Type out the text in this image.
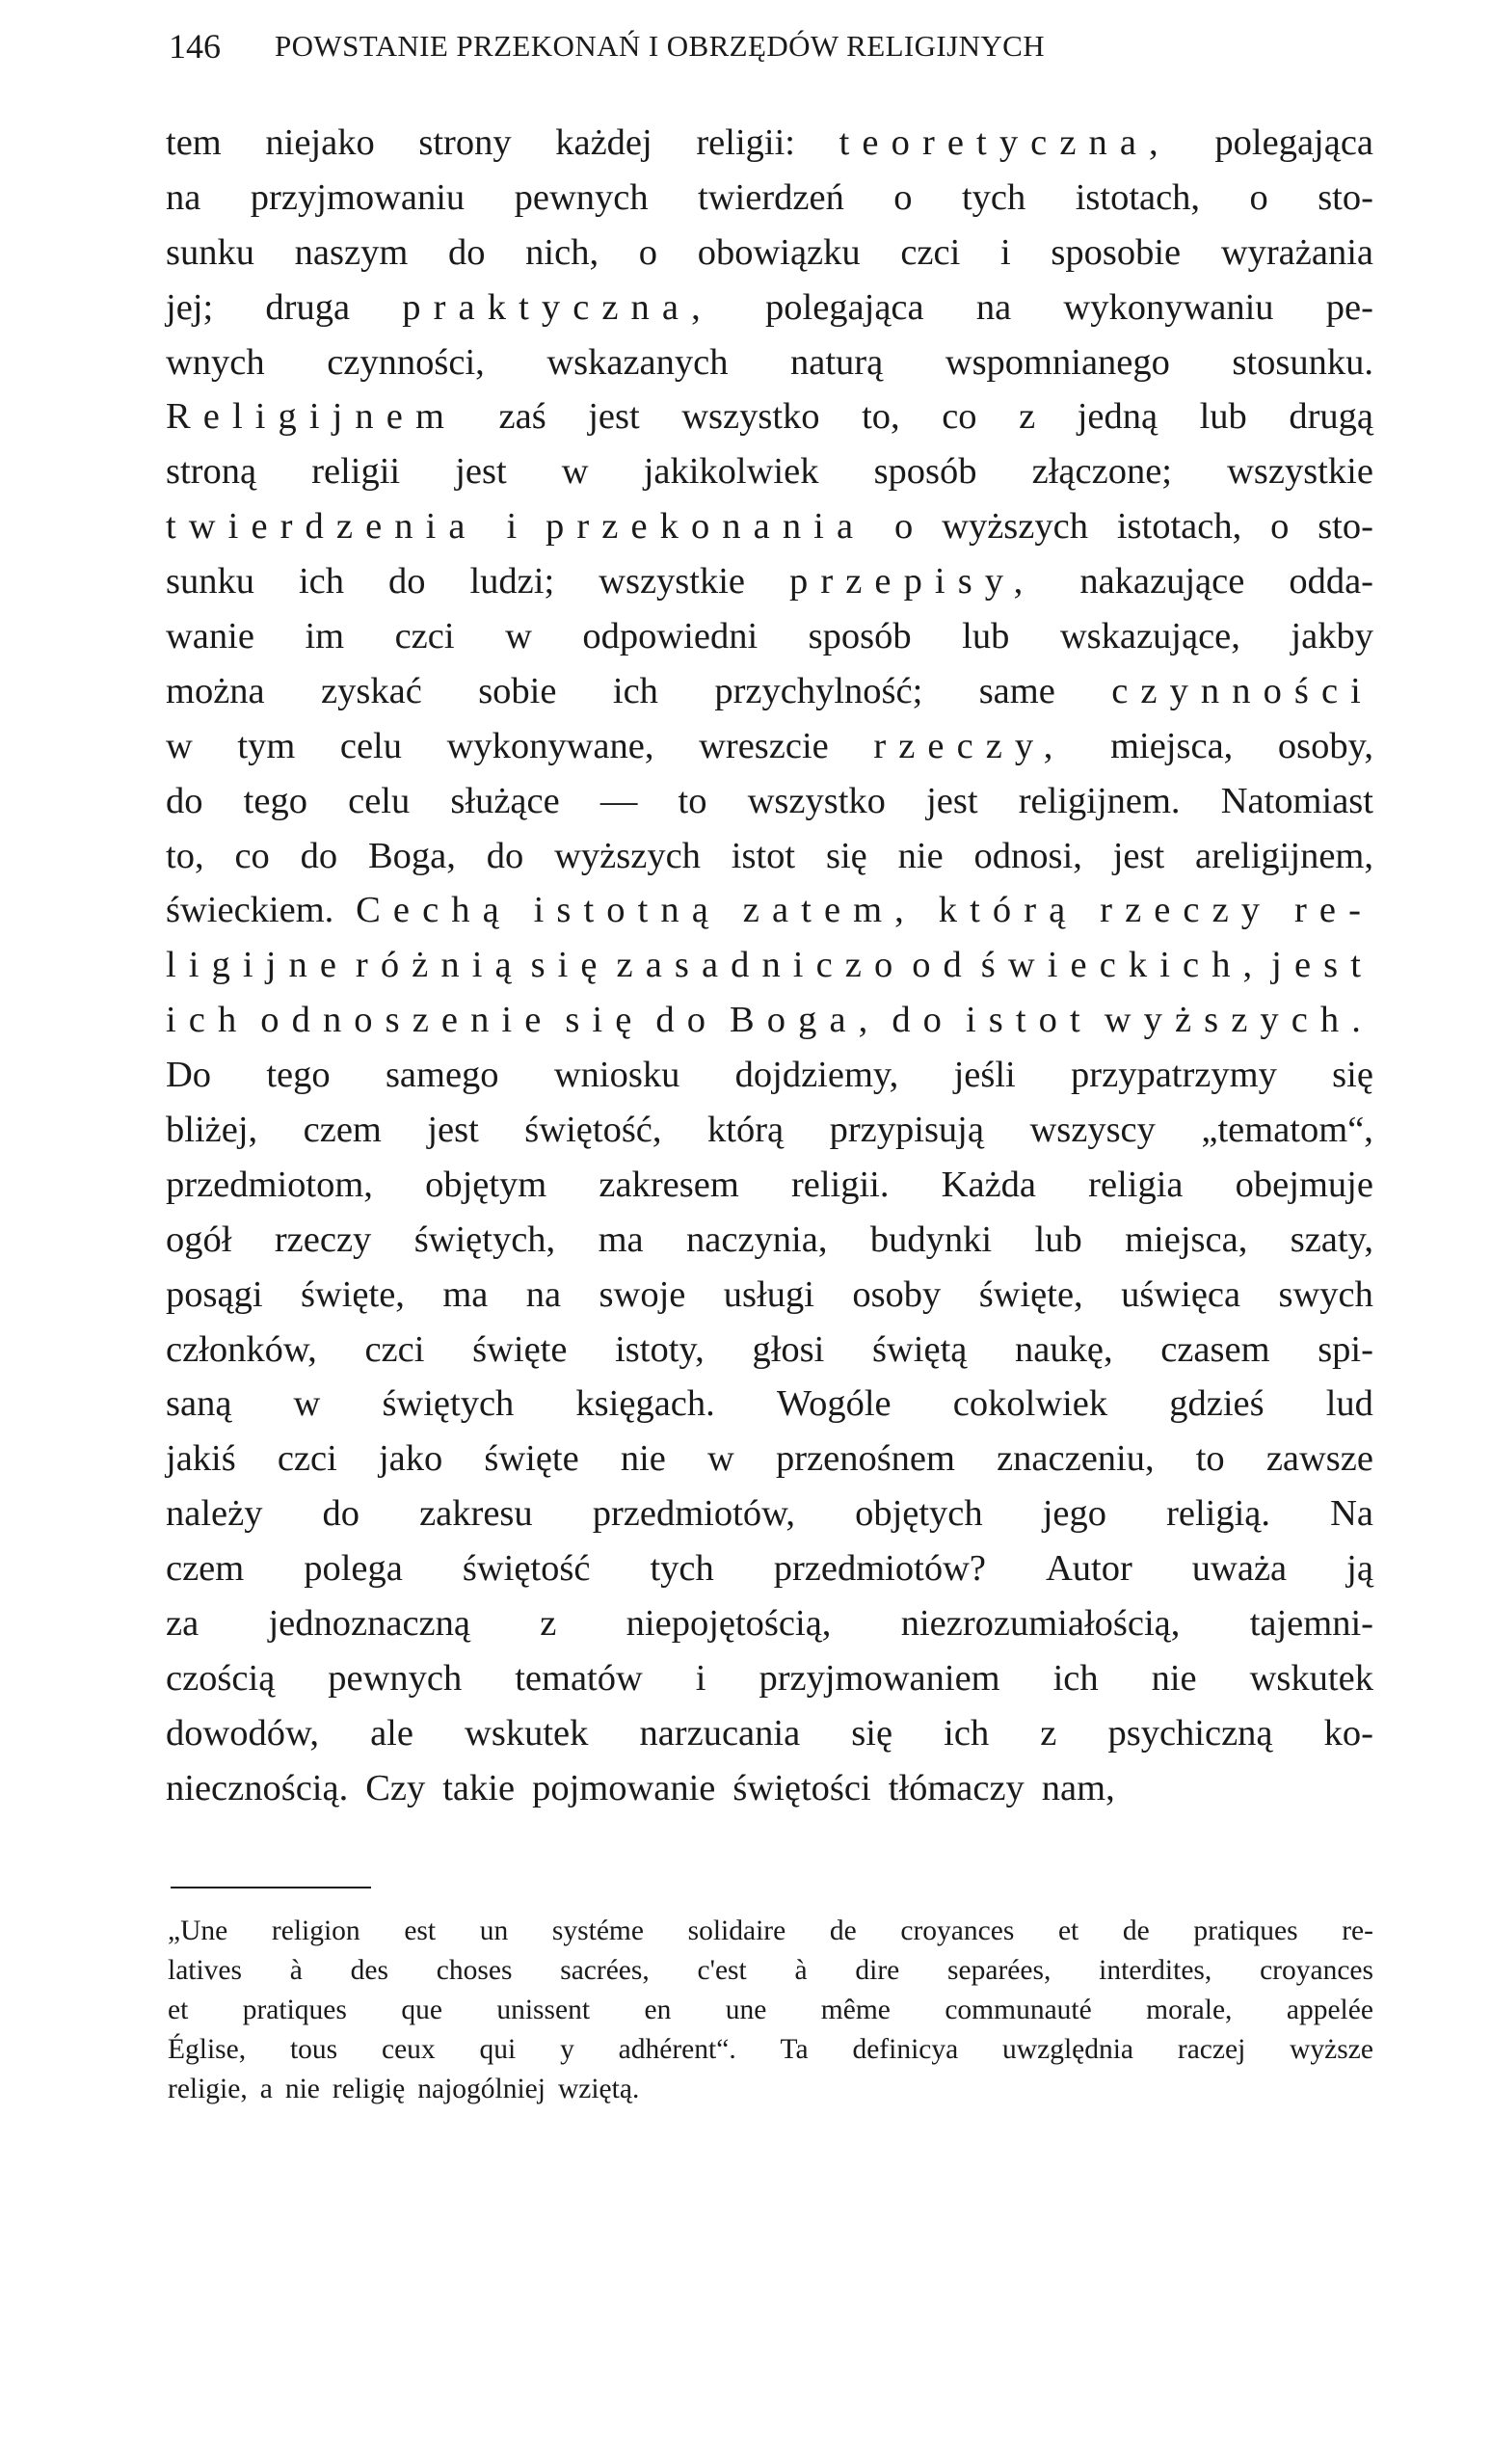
146 POWSTANIE PRZEKONAŃ I OBRZĘDÓW RELIGIJNYCH
tem niejako strony każdej religii: teoretyczna, polegająca
na przyjmowaniu pewnych twierdzeń o tych istotach, o sto-
sunku naszym do nich, o obowiązku czci i sposobie wyrażania
jej; druga praktyczna, polegająca na wykonywaniu pe-
wnych czynności, wskazanych naturą wspomnianego stosunku.
Religijnem zaś jest wszystko to, co z jedną lub drugą
stroną religii jest w jakikolwiek sposób złączone; wszystkie
twierdzenia i przekonania o wyższych istotach, o sto-
sunku ich do ludzi; wszystkie przepisy, nakazujące odda-
wanie im czci w odpowiedni sposób lub wskazujące, jakby
można zyskać sobie ich przychylność; same czynności
w tym celu wykonywane, wreszcie rzeczy, miejsca, osoby,
do tego celu służące — to wszystko jest religijnem. Natomiast
to, co do Boga, do wyższych istot się nie odnosi, jest areligijnem,
świeckiem. Cechą istotną zatem, którą rzeczy re-
ligijne różnią się zasadniczo od świeckich, jest
ich odnoszenie się do Boga, do istot wyższych.
Do tego samego wniosku dojdziemy, jeśli przypatrzymy się
bliżej, czem jest świętość, którą przypisują wszyscy „tematom“,
przedmiotom, objętym zakresem religii. Każda religia obejmuje
ogół rzeczy świętych, ma naczynia, budynki lub miejsca, szaty,
posągi święte, ma na swoje usługi osoby święte, uświęca swych
członków, czci święte istoty, głosi świętą naukę, czasem spi-
saną w świętych księgach. Wogóle cokolwiek gdzieś lud
jakiś czci jako święte nie w przenośnem znaczeniu, to zawsze
należy do zakresu przedmiotów, objętych jego religią. Na
czem polega świętość tych przedmiotów? Autor uważa ją
za jednoznaczną z niepojętością, niezrozumiałością, tajemni-
czością pewnych tematów i przyjmowaniem ich nie wskutek
dowodów, ale wskutek narzucania się ich z psychiczną ko-
niecznością. Czy takie pojmowanie świętości tłómaczy nam,
„Une religion est un systéme solidaire de croyances et de pratiques re-
latives à des choses sacrées, c'est à dire separées, interdites, croyances
et pratiques que unissent en une même communauté morale, appelée
Église, tous ceux qui y adhérent“. Ta definicya uwzględnia raczej wyższe
religie, a nie religię najogólniej wziętą.
